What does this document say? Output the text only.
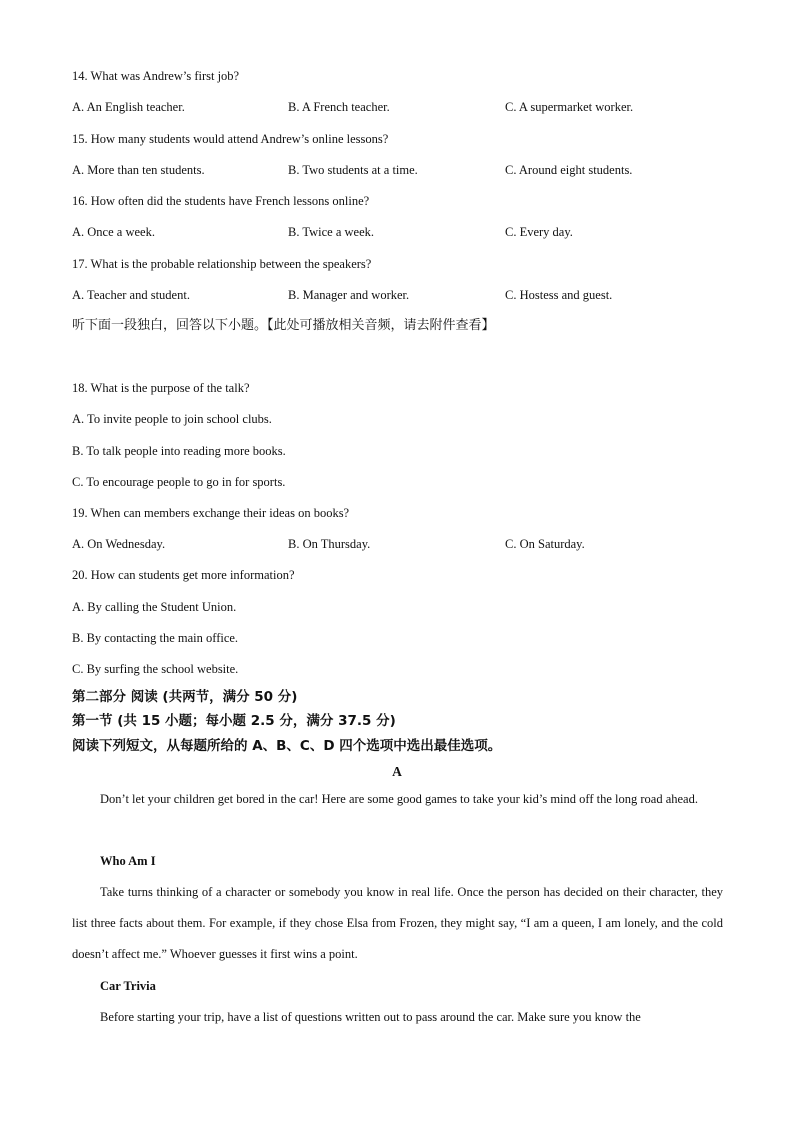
14. What was Andrew’s first job?
A. An English teacher.	B. A French teacher.	C. A supermarket worker.
15. How many students would attend Andrew’s online lessons?
A. More than ten students.	B. Two students at a time.	C. Around eight students.
16. How often did the students have French lessons online?
A. Once a week.	B. Twice a week.	C. Every day.
17. What is the probable relationship between the speakers?
A. Teacher and student.	B. Manager and worker.	C. Hostess and guest.
听下面一段独白，回答以下小题。【此处可播放相关音频，请去附件查看】
18. What is the purpose of the talk?
A. To invite people to join school clubs.
B. To talk people into reading more books.
C. To encourage people to go in for sports.
19. When can members exchange their ideas on books?
A. On Wednesday.	B. On Thursday.	C. On Saturday.
20. How can students get more information?
A. By calling the Student Union.
B. By contacting the main office.
C. By surfing the school website.
第二部分 阅读 (共两节，满分 50 分)
第一节 (共 15 小题；每小题 2.5 分，满分 37.5 分)
阅读下列短文，从每题所给的 A、B、C、D 四个选项中选出最佳选项。
A
Don’t let your children get bored in the car! Here are some good games to take your kid’s mind off the long road ahead.
Who Am I
Take turns thinking of a character or somebody you know in real life. Once the person has decided on their character, they list three facts about them. For example, if they chose Elsa from Frozen, they might say, “I am a queen, I am lonely, and the cold doesn’t affect me.” Whoever guesses it first wins a point.
Car Trivia
Before starting your trip, have a list of questions written out to pass around the car. Make sure you know the
